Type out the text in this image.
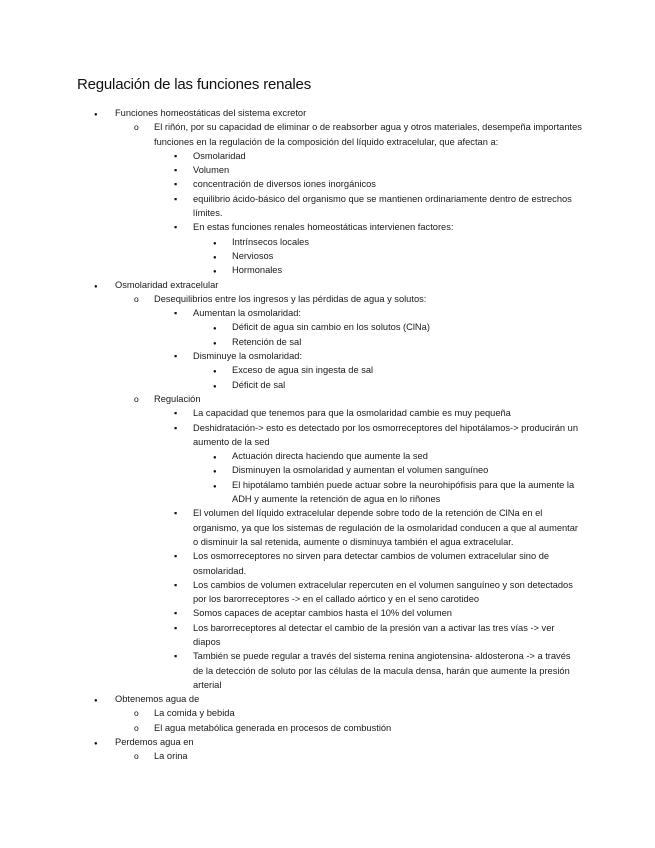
Regulación de las funciones renales
●
Funciones homeostáticas del sistema excretor
o
El riñón, por su capacidad de eliminar o de reabsorber agua y otros materiales, desempeña importantes funciones en la regulación de la composición del líquido extracelular, que afectan a:
▪
Osmolaridad
▪
Volumen
▪
concentración de diversos iones inorgánicos
▪
equilibrio ácido-básico del organismo que se mantienen ordinariamente dentro de estrechos límites.
▪
En estas funciones renales homeostáticas intervienen factores:
●
Intrínsecos locales
●
Nerviosos
●
Hormonales
●
Osmolaridad extracelular
o
Desequilibrios entre los ingresos y las pérdidas de agua y solutos:
▪
Aumentan la osmolaridad:
●
Déficit de agua sin cambio en los solutos (ClNa)
●
Retención de sal
▪
Disminuye la osmolaridad:
●
Exceso de agua sin ingesta de sal
●
Déficit de sal
o
Regulación
▪
La capacidad que tenemos para que la osmolaridad cambie es muy pequeña
▪
Deshidratación-> esto es detectado por los osmorreceptores del hipotálamos-> producirán un aumento de la sed
●
Actuación directa haciendo que aumente la sed
●
Disminuyen la osmolaridad y aumentan el volumen sanguíneo
●
El hipotálamo también puede actuar sobre la neurohipófisis para que la aumente la ADH y aumente la retención de agua en lo riñones
▪
El volumen del líquido extracelular depende sobre todo de la retención de ClNa en el organismo, ya que los sistemas de regulación de la osmolaridad conducen a que al aumentar o disminuir la sal retenida, aumente o disminuya también el agua extracelular.
▪
Los osmorreceptores no sirven para detectar cambios de volumen extracelular sino de osmolaridad.
▪
Los cambios de volumen extracelular repercuten en el volumen sanguíneo y son detectados por los barorreceptores -> en el callado aórtico y en el seno carotideo
▪
Somos capaces de aceptar cambios hasta el 10% del volumen
▪
Los barorreceptores al detectar el cambio de la presión van a activar las tres vías -> ver diapos
▪
También se puede regular a través del sistema renina angiotensina- aldosterona -> a través de la detección de soluto por las células de la macula densa, harán que aumente la presión arterial
●
Obtenemos agua de
o
La comida y bebida
o
El agua metabólica generada en procesos de combustión
●
Perdemos agua en
o
La orina
